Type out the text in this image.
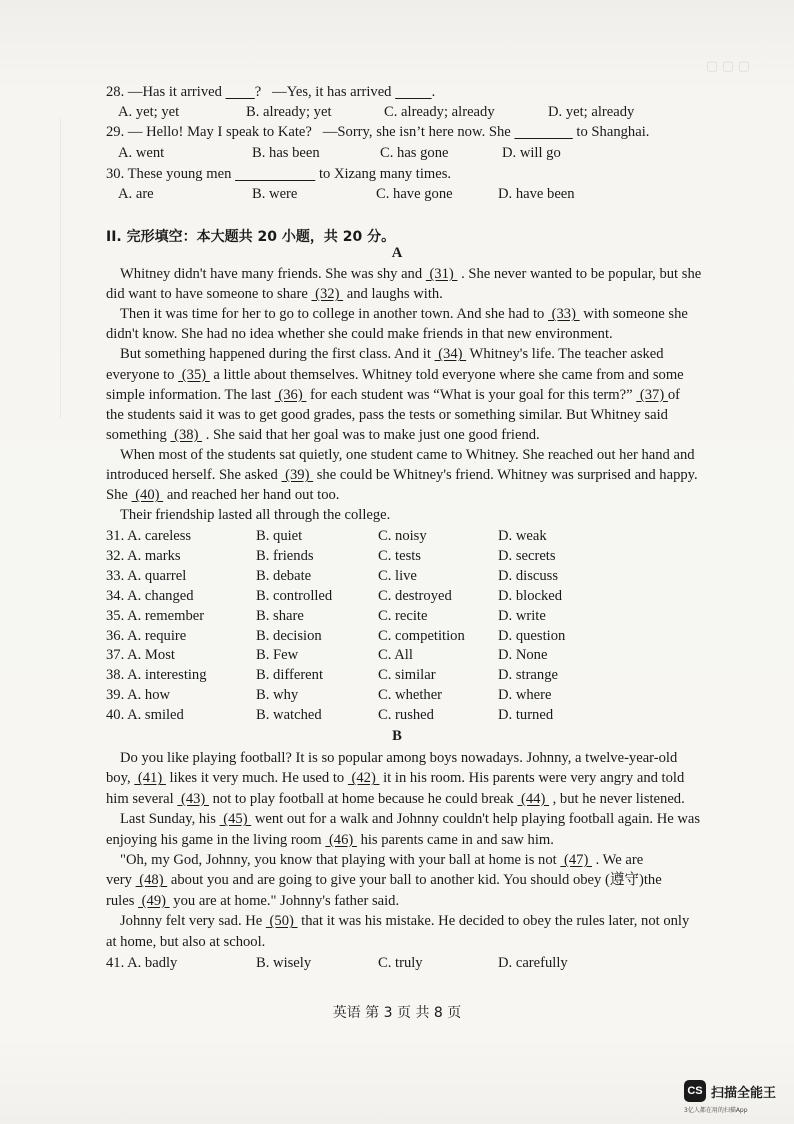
▢ ▢ ▢
28. —Has it arrived         ?   —Yes, it has arrived           .
A. yet; yet	B. already; yet	C. already; already	D. yet; already
29. — Hello! May I speak to Kate?   —Sorry, she isn’t here now. She	to Shanghai.
A. went	B. has been	C. has gone	D. will go
30. These young men	to Xizang many times.
A. are	B. were	C. have gone	D. have been
II. 完形填空：本大题共 20 小题，共 20 分。
A
Whitney didn't have many friends. She was shy and  (31)  . She never wanted to be popular, but she
did want to have someone to share  (32)  and laughs with.
Then it was time for her to go to college in another town. And she had to  (33)  with someone she
didn't know. She had no idea whether she could make friends in that new environment.
But something happened during the first class. And it  (34)  Whitney's life. The teacher asked
everyone to  (35)  a little about themselves. Whitney told everyone where she came from and some
simple information. The last  (36)  for each student was “What is your goal for this term?”  (37) of
the students said it was to get good grades, pass the tests or something similar. But Whitney said
something  (38)  . She said that her goal was to make just one good friend.
When most of the students sat quietly, one student came to Whitney. She reached out her hand and
introduced herself. She asked  (39)  she could be Whitney's friend. Whitney was surprised and happy.
She  (40)  and reached her hand out too.
Their friendship lasted all through the college.
31. A. careless	B. quiet	C. noisy	D. weak
32. A. marks	B. friends	C. tests	D. secrets
33. A. quarrel	B. debate	C. live	D. discuss
34. A. changed	B. controlled	C. destroyed	D. blocked
35. A. remember	B. share	C. recite	D. write
36. A. require	B. decision	C. competition D. question
37. A. Most	B. Few	C. All	D. None
38. A. interesting	B. different	C. similar	D. strange
39. A. how	B. why	C. whether	D. where
40. A. smiled	B. watched	C. rushed	D. turned
B
Do you like playing football? It is so popular among boys nowadays. Johnny, a twelve-year-old
boy,  (41)  likes it very much. He used to  (42)  it in his room. His parents were very angry and told
him several  (43)  not to play football at home because he could break  (44)  , but he never listened.
Last Sunday, his  (45)  went out for a walk and Johnny couldn't help playing football again. He was
enjoying his game in the living room  (46)  his parents came in and saw him.
"Oh, my God, Johnny, you know that playing with your ball at home is not  (47)  . We are
very  (48)  about you and are going to give your ball to another kid. You should obey (遵守)the
rules  (49)  you are at home." Johnny's father said.
Johnny felt very sad. He  (50)  that it was his mistake. He decided to obey the rules later, not only
at home, but also at school.
41. A. badly	B. wisely	C. truly	D. carefully
英语 第 3 页 共 8 页
CS 扫描全能王
3亿人都在用的扫描App
